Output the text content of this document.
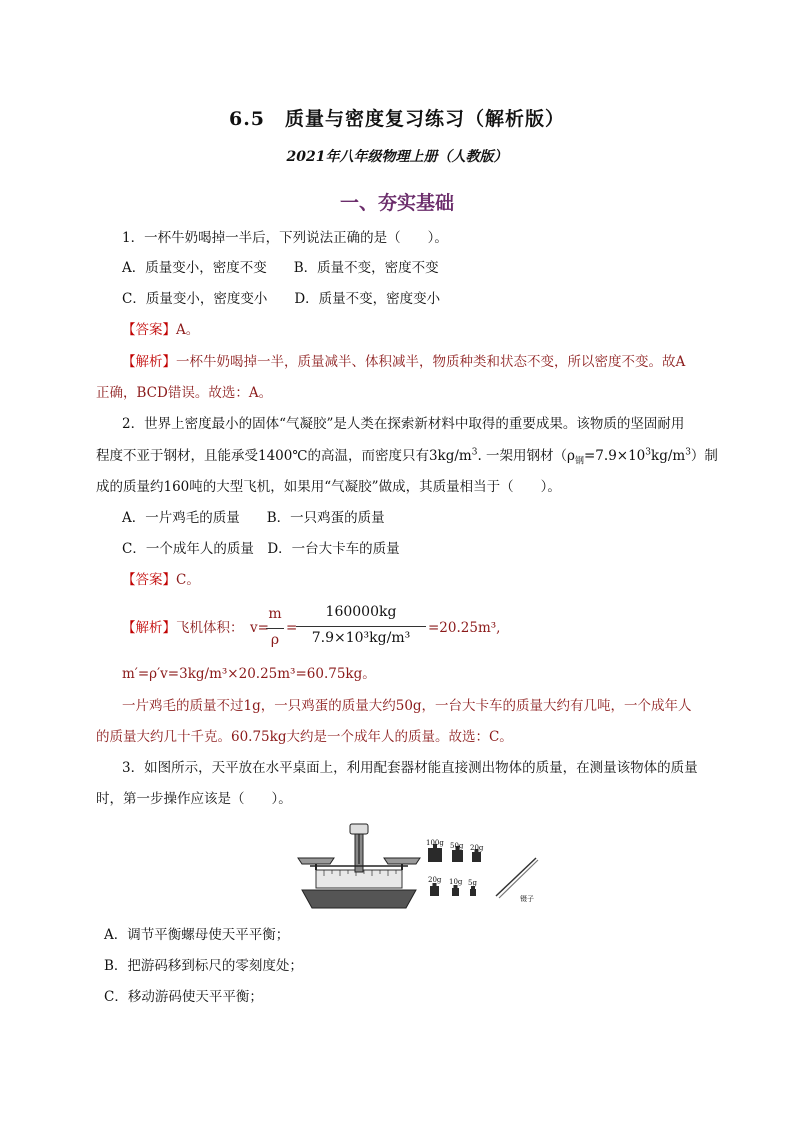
6.5　质量与密度复习练习（解析版）
2021年八年级物理上册（人教版）
一、夯实基础
1．一杯牛奶喝掉一半后，下列说法正确的是（　　）。
A．质量变小，密度不变　　B．质量不变，密度不变
C．质量变小，密度变小　　D．质量不变，密度变小
【答案】A。
【解析】一杯牛奶喝掉一半，质量减半、体积减半，物质种类和状态不变，所以密度不变。故A
正确，BCD错误。故选：A。
2．世界上密度最小的固体“气凝胶”是人类在探索新材料中取得的重要成果。该物质的坚固耐用
程度不亚于钢材，且能承受1400℃的高温，而密度只有$3kg/m^3$. 一架用钢材$(\rho_钢=7.9\times 10^3kg/m^3)$制
成的质量约160吨的大型飞机，如果用“气凝胶”做成，其质量相当于（　　）。
A．一片鸡毛的质量　　B．一只鸡蛋的质量
C．一个成年人的质量　D．一台大卡车的质量
【答案】C。
【解析】飞机体积： v=
m
ρ
=
160000kg
7.9×10³kg/m³
=20.25m³,
m′=ρ′v=3kg/m³×20.25m³=60.75kg。
一片鸡毛的质量不过1g，一只鸡蛋的质量大约50g，一台大卡车的质量大约有几吨，一个成年人
的质量大约几十千克。60.75kg大约是一个成年人的质量。故选：C。
3．如图所示，天平放在水平桌面上，利用配套器材能直接测出物体的质量，在测量该物体的质量
时，第一步操作应该是（　　）。
100g 50g 20g
20g 10g 5g
镊子
A．调节平衡螺母使天平平衡；
B．把游码移到标尺的零刻度处；
C．移动游码使天平平衡；
